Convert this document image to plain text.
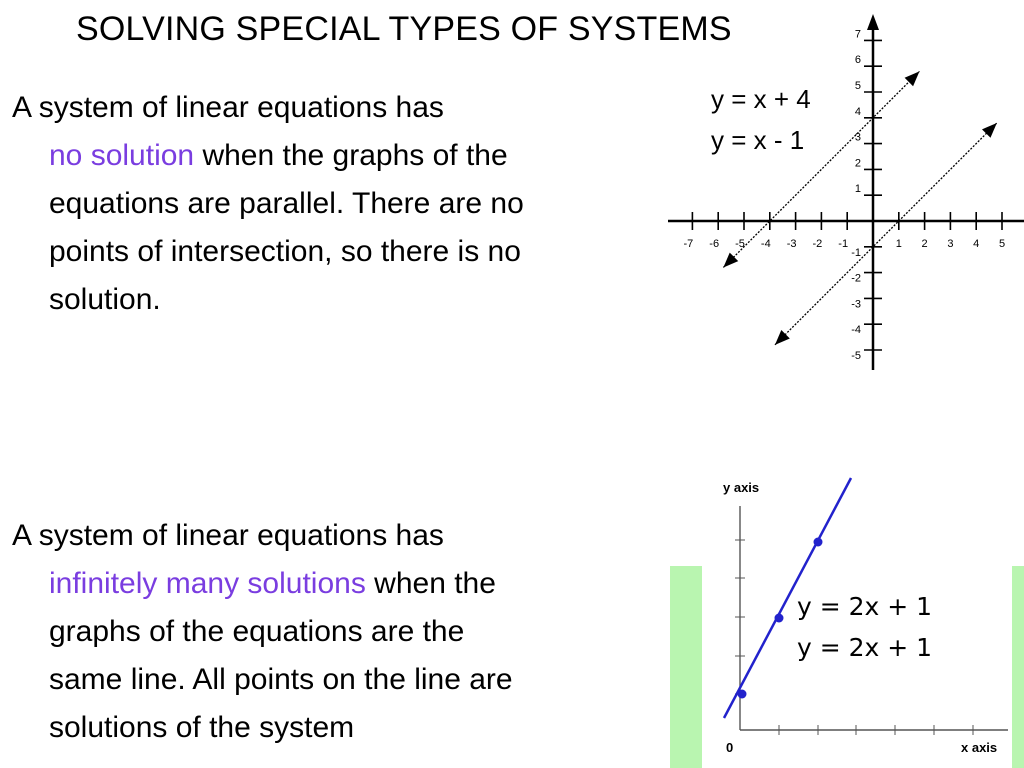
SOLVING SPECIAL TYPES OF SYSTEMS
A system of linear equations has
no solution when the graphs of the
equations are parallel. There are no
points of intersection, so there is no
solution.
A system of linear equations has
infinitely many solutions when the
graphs of the equations are the
same line. All points on the line are
solutions of the system
-7 -6 -5 -4 -3 -2 -1	1 2 3 4 5
7
6
5
4
3
2
1
-1
-2
-3
-4
-5
y = x + 4
y = x - 1
y axis
x axis
0
y = 2x + 1
y = 2x + 1
